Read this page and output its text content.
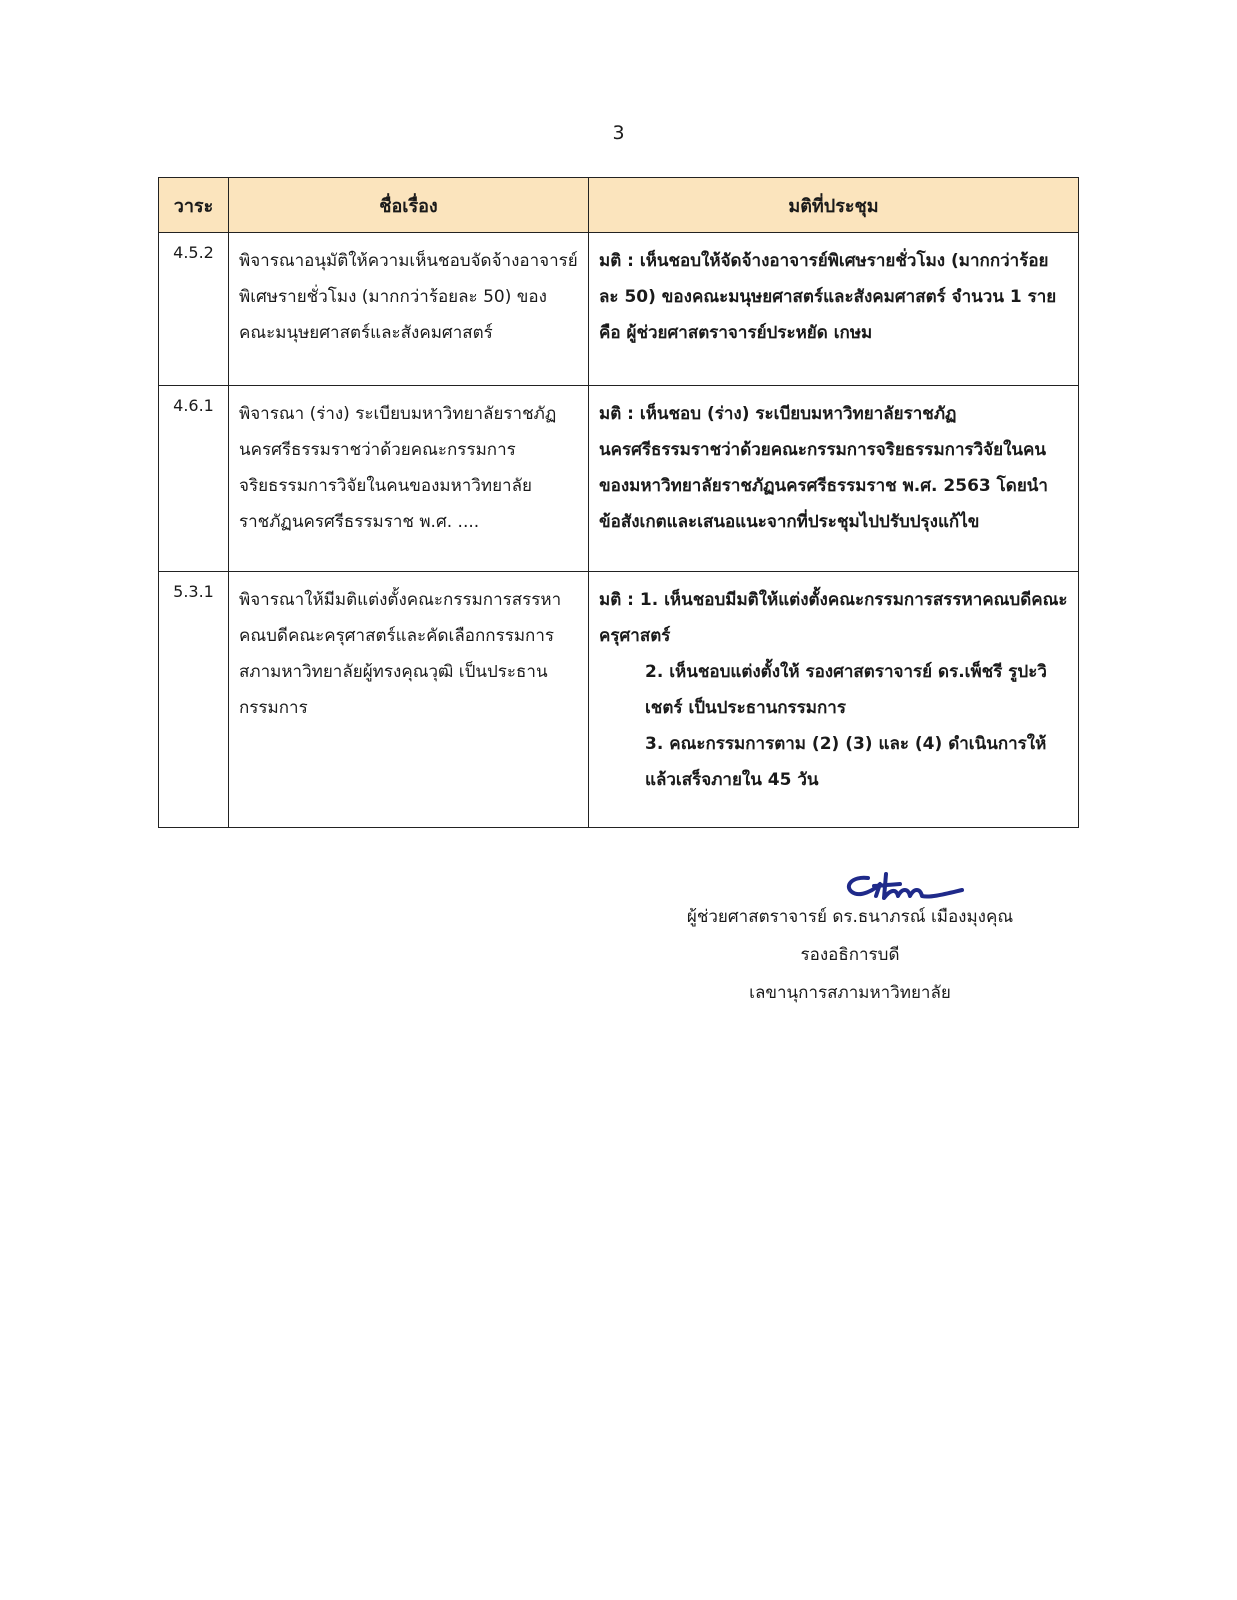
3
วาระ	ชื่อเรื่อง	มติที่ประชุม
4.5.2	พิจารณาอนุมัติให้ความเห็นชอบจัดจ้างอาจารย์พิเศษรายชั่วโมง (มากกว่าร้อยละ 50) ของคณะมนุษยศาสตร์และสังคมศาสตร์	มติ : เห็นชอบให้จัดจ้างอาจารย์พิเศษรายชั่วโมง (มากกว่าร้อยละ 50) ของคณะมนุษยศาสตร์และสังคมศาสตร์ จำนวน 1 ราย คือ ผู้ช่วยศาสตราจารย์ประหยัด เกษม
4.6.1	พิจารณา (ร่าง) ระเบียบมหาวิทยาลัยราชภัฏนครศรีธรรมราชว่าด้วยคณะกรรมการจริยธรรมการวิจัยในคนของมหาวิทยาลัยราชภัฏนครศรีธรรมราช พ.ศ. ....	มติ : เห็นชอบ (ร่าง) ระเบียบมหาวิทยาลัยราชภัฏนครศรีธรรมราชว่าด้วยคณะกรรมการจริยธรรมการวิจัยในคนของมหาวิทยาลัยราชภัฏนครศรีธรรมราช พ.ศ. 2563 โดยนำข้อสังเกตและเสนอแนะจากที่ประชุมไปปรับปรุงแก้ไข
5.3.1	พิจารณาให้มีมติแต่งตั้งคณะกรรมการสรรหาคณบดีคณะครุศาสตร์และคัดเลือกกรรมการสภามหาวิทยาลัยผู้ทรงคุณวุฒิ เป็นประธานกรรมการ	มติ : 1. เห็นชอบมีมติให้แต่งตั้งคณะกรรมการสรรหาคณบดีคณะครุศาสตร์
2. เห็นชอบแต่งตั้งให้ รองศาสตราจารย์ ดร.เพ็ชรี รูปะวิเชตร์ เป็นประธานกรรมการ
3. คณะกรรมการตาม (2) (3) และ (4) ดำเนินการให้แล้วเสร็จภายใน 45 วัน
ผู้ช่วยศาสตราจารย์ ดร.ธนาภรณ์ เมืองมุงคุณ
รองอธิการบดี
เลขานุการสภามหาวิทยาลัย
